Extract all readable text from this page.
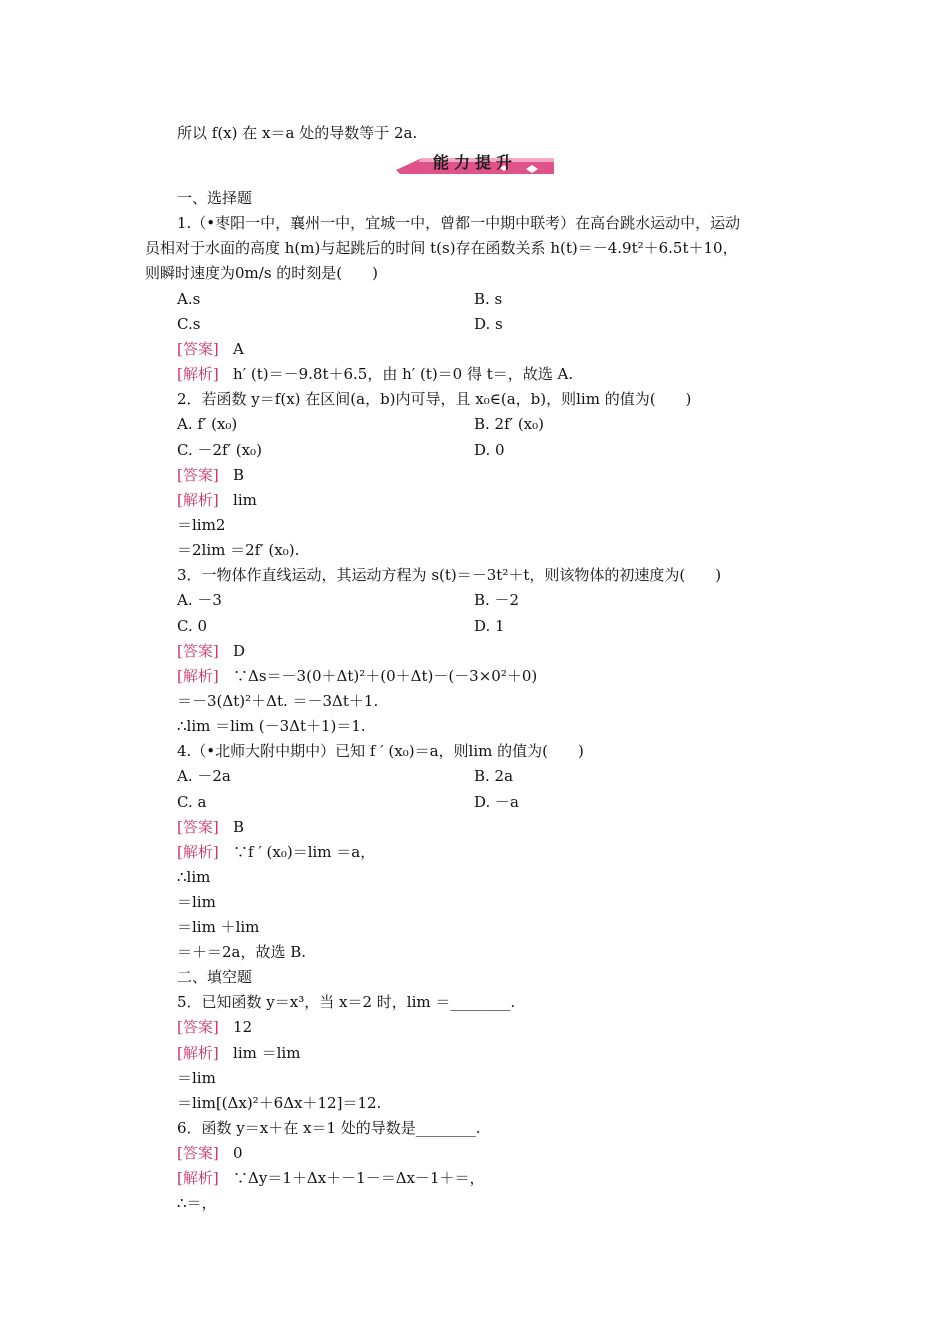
所以 f(x) 在 x＝a 处的导数等于 2a.
能力提升
一、选择题
1.（•枣阳一中，襄州一中，宜城一中，曾都一中期中联考）在高台跳水运动中，运动
员相对于水面的高度 h(m)与起跳后的时间 t(s)存在函数关系 h(t)＝－4.9t²＋6.5t＋10，
则瞬时速度为0m/s 的时刻是(　　)
A.s	B. s
C.s	D. s
[答案] A
[解析] h′ (t)＝－9.8t＋6.5，由 h′ (t)＝0 得 t＝，故选 A.
2．若函数 y＝f(x) 在区间(a，b)内可导，且 x₀∈(a，b)，则lim 的值为(　　)
A. f′ (x₀)	B. 2f′ (x₀)
C. －2f′ (x₀)	D. 0
[答案] B
[解析] lim
＝lim2
＝2lim ＝2f′ (x₀).
3．一物体作直线运动，其运动方程为 s(t)＝－3t²＋t，则该物体的初速度为(　　)
A. －3	B. －2
C. 0	D. 1
[答案] D
[解析] ∵Δs＝－3(0＋Δt)²＋(0＋Δt)－(－3×0²＋0)
＝－3(Δt)²＋Δt. ＝－3Δt＋1.
∴lim ＝lim (－3Δt＋1)＝1.
4.（•北师大附中期中）已知 f ′ (x₀)＝a，则lim 的值为(　　)
A. －2a	B. 2a
C. a	D. －a
[答案] B
[解析] ∵f ′ (x₀)＝lim ＝a，
∴lim
＝lim
＝lim ＋lim
＝＋＝2a，故选 B.
二、填空题
5．已知函数 y＝x³，当 x＝2 时，lim ＝________.
[答案] 12
[解析] lim ＝lim
＝lim
＝lim[(Δx)²＋6Δx＋12]＝12.
6．函数 y＝x＋在 x＝1 处的导数是________.
[答案] 0
[解析] ∵Δy＝1＋Δx＋－1－＝Δx－1＋＝，
∴＝，
